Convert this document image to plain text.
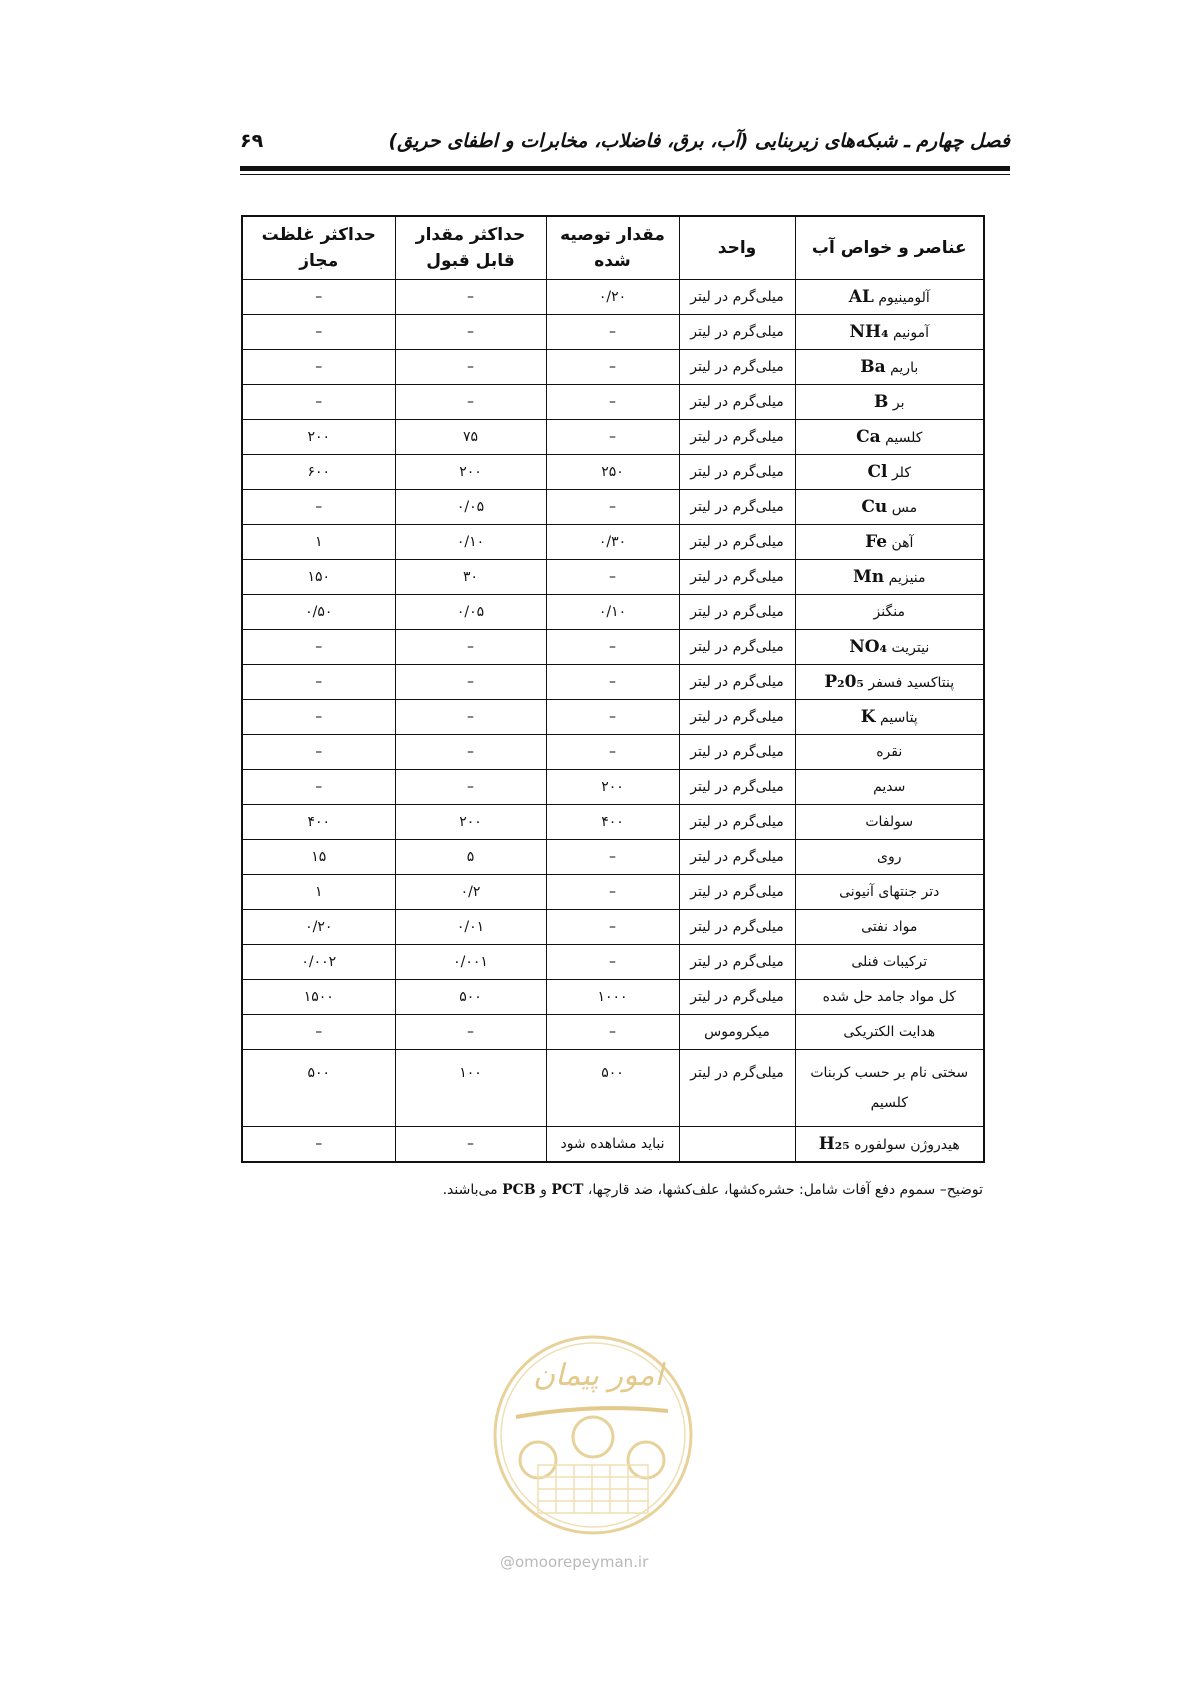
فصل چهارم ـ شبکه‌های زیربنایی (آب، برق، فاضلاب، مخابرات و اطفای حریق)
۶۹
عناصر و خواص آب	واحد	مقدار توصیه شده	حداکثر مقدار قابل قبول	حداکثر غلظت مجاز
آلومینیوم AL	میلی‌گرم در لیتر	۰/۲۰	–	–
آمونیم NH₄	میلی‌گرم در لیتر	–	–	–
باریم Ba	میلی‌گرم در لیتر	–	–	–
بر B	میلی‌گرم در لیتر	–	–	–
کلسیم Ca	میلی‌گرم در لیتر	–	۷۵	۲۰۰
کلر Cl	میلی‌گرم در لیتر	۲۵۰	۲۰۰	۶۰۰
مس Cu	میلی‌گرم در لیتر	–	۰/۰۵	–
آهن Fe	میلی‌گرم در لیتر	۰/۳۰	۰/۱۰	۱
منیزیم Mn	میلی‌گرم در لیتر	–	۳۰	۱۵۰
منگنز	میلی‌گرم در لیتر	۰/۱۰	۰/۰۵	۰/۵۰
نیتریت NO₄	میلی‌گرم در لیتر	–	–	–
پنتاکسید فسفر P₂0₅	میلی‌گرم در لیتر	–	–	–
پتاسیم K	میلی‌گرم در لیتر	–	–	–
نقره	میلی‌گرم در لیتر	–	–	–
سدیم	میلی‌گرم در لیتر	۲۰۰	–	–
سولفات	میلی‌گرم در لیتر	۴۰۰	۲۰۰	۴۰۰
روی	میلی‌گرم در لیتر	–	۵	۱۵
دتر جنتهای آنیونی	میلی‌گرم در لیتر	–	۰/۲	۱
مواد نفتی	میلی‌گرم در لیتر	–	۰/۰۱	۰/۲۰
ترکیبات فنلی	میلی‌گرم در لیتر	–	۰/۰۰۱	۰/۰۰۲
کل مواد جامد حل شده	میلی‌گرم در لیتر	۱۰۰۰	۵۰۰	۱۵۰۰
هدایت الکتریکی	میکروموس	–	–	–
سختی نام بر حسب کربنات کلسیم	میلی‌گرم در لیتر	۵۰۰	۱۰۰	۵۰۰
هیدروژن سولفوره H₂₅		نباید مشاهده شود	–	–
توضیح– سموم دفع آفات شامل: حشره‌کشها، علف‌کشها، ضد قارچها، PCT و PCB می‌باشند.
امور پیمان
@omoorepeyman.ir
